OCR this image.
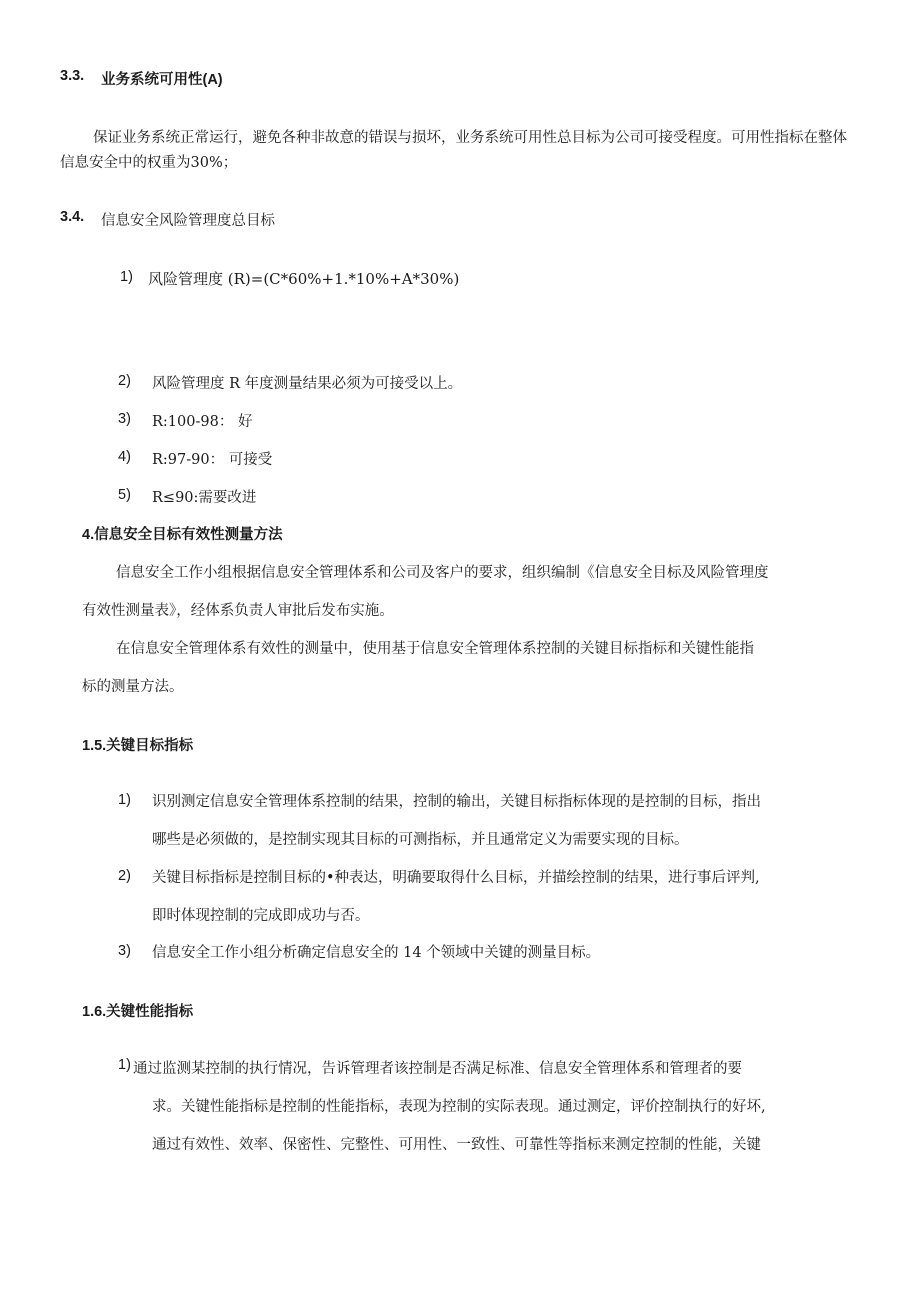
3.3. 业务系统可用性(A)
保证业务系统正常运行，避免各种非故意的错误与损坏，业务系统可用性总目标为公司可接受程度。可用性指标在整体
信息安全中的权重为30%；
3.4. 信息安全风险管理度总目标
1) 风险管理度 (R)=(C*60%+1.*10%+A*30%)
2) 风险管理度 R 年度测量结果必须为可接受以上。
3) R:100-98： 好
4) R:97-90： 可接受
5) R≤90:需要改进
4.信息安全目标有效性测量方法
信息安全工作小组根据信息安全管理体系和公司及客户的要求，组织编制《信息安全目标及风险管理度
有效性测量表》，经体系负责人审批后发布实施。
在信息安全管理体系有效性的测量中，使用基于信息安全管理体系控制的关键目标指标和关键性能指
标的测量方法。
1.5.关键目标指标
1) 识别测定信息安全管理体系控制的结果，控制的输出，关键目标指标体现的是控制的目标，指出
哪些是必须做的，是控制实现其目标的可测指标，并且通常定义为需要实现的目标。
2) 关键目标指标是控制目标的•种表达，明确要取得什么目标，并描绘控制的结果，进行事后评判,
即时体现控制的完成即成功与否。
3) 信息安全工作小组分析确定信息安全的 14 个领域中关键的测量目标。
1.6.关键性能指标
1) 通过监测某控制的执行情况，告诉管理者该控制是否满足标准、信息安全管理体系和管理者的要
求。关键性能指标是控制的性能指标，表现为控制的实际表现。通过测定，评价控制执行的好坏,
通过有效性、效率、保密性、完整性、可用性、一致性、可靠性等指标来测定控制的性能，关键
